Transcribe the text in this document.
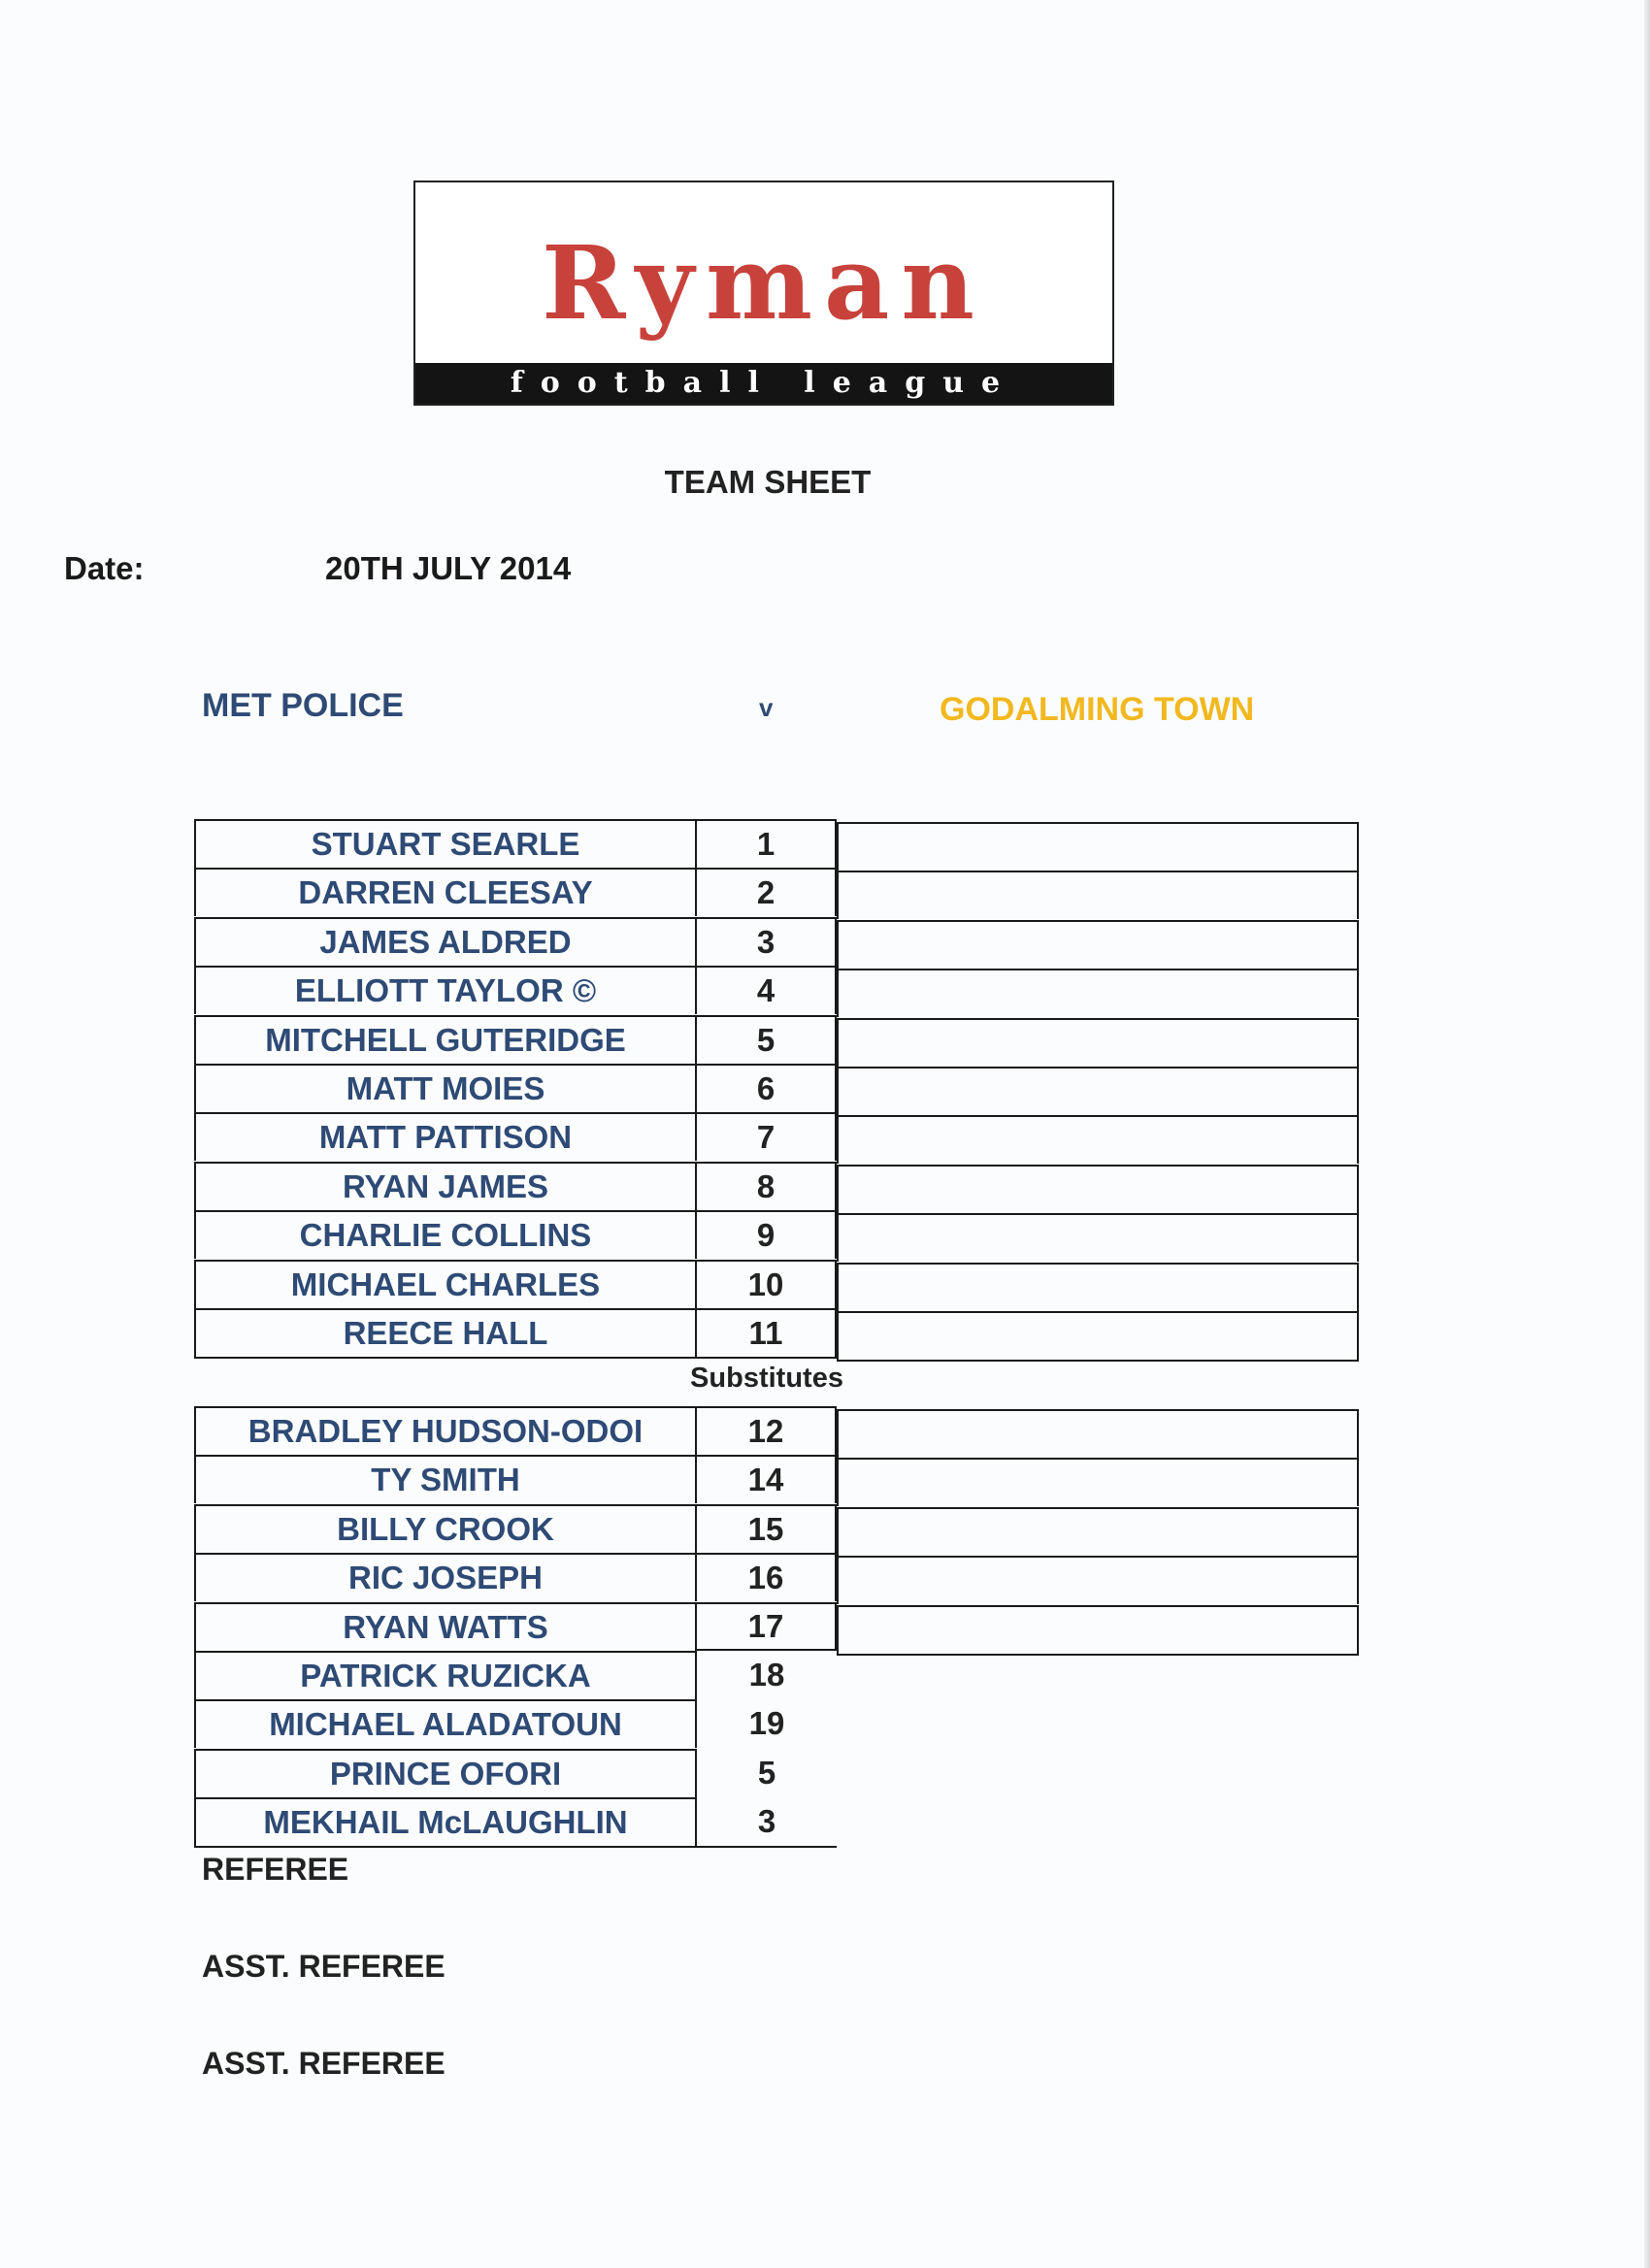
Ryman
football league
TEAM SHEET
Date:	20TH JULY 2014
MET POLICE	v	GODALMING TOWN
STUART SEARLE	1
DARREN CLEESAY	2
JAMES ALDRED	3
ELLIOTT TAYLOR ©	4
MITCHELL GUTERIDGE	5
MATT MOIES	6
MATT PATTISON	7
RYAN JAMES	8
CHARLIE COLLINS	9
MICHAEL CHARLES	10
REECE HALL	11
Substitutes
BRADLEY HUDSON-ODOI	12
TY SMITH	14
BILLY CROOK	15
RIC JOSEPH	16
RYAN WATTS	17
PATRICK RUZICKA	18
MICHAEL ALADATOUN	19
PRINCE OFORI	5
MEKHAIL McLAUGHLIN	3
REFEREE
ASST. REFEREE
ASST. REFEREE
